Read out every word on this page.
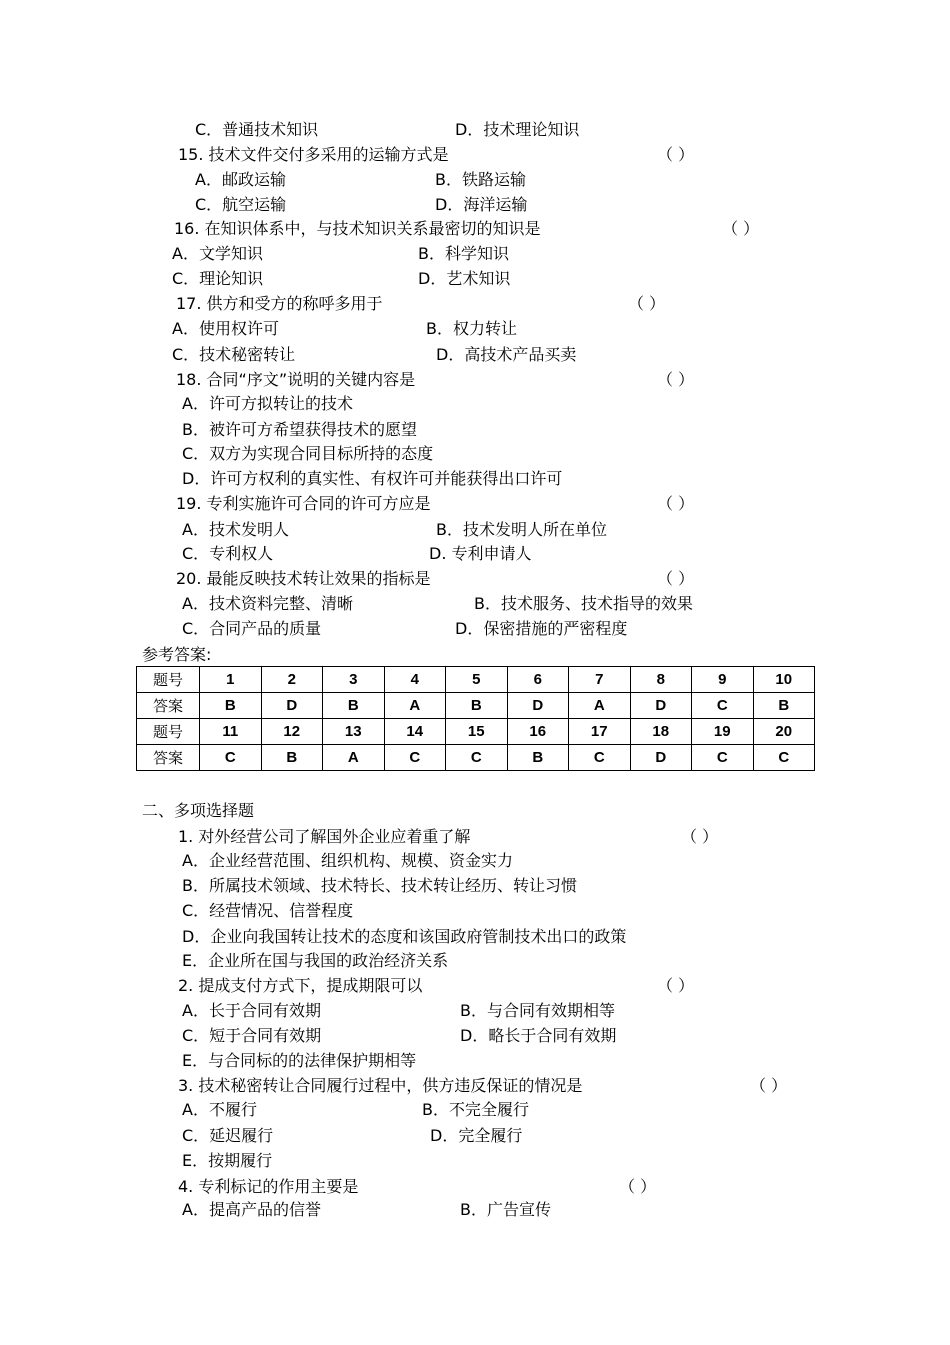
C．普通技术知识	D．技术理论知识
15. 技术文件交付多采用的运输方式是
A．邮政运输	B．铁路运输
C．航空运输	D．海洋运输
16. 在知识体系中，与技术知识关系最密切的知识是
A．文学知识	B．科学知识
C．理论知识	D．艺术知识
17. 供方和受方的称呼多用于
A．使用权许可	B．权力转让
C．技术秘密转让	D．高技术产品买卖
18. 合同“序文”说明的关键内容是
A．许可方拟转让的技术
B．被许可方希望获得技术的愿望
C．双方为实现合同目标所持的态度
D．许可方权利的真实性、有权许可并能获得出口许可
19. 专利实施许可合同的许可方应是
A．技术发明人	B．技术发明人所在单位
C．专利权人	D. 专利申请人
20. 最能反映技术转让效果的指标是
A．技术资料完整、清晰	B．技术服务、技术指导的效果
C．合同产品的质量	D．保密措施的严密程度
参考答案:
二、多项选择题
1. 对外经营公司了解国外企业应着重了解
A．企业经营范围、组织机构、规模、资金实力
B．所属技术领域、技术特长、技术转让经历、转让习惯
C．经营情况、信誉程度
D．企业向我国转让技术的态度和该国政府管制技术出口的政策
E．企业所在国与我国的政治经济关系
2. 提成支付方式下，提成期限可以
A．长于合同有效期	B．与合同有效期相等
C．短于合同有效期	D．略长于合同有效期
E．与合同标的的法律保护期相等
3. 技术秘密转让合同履行过程中，供方违反保证的情况是
A．不履行	B．不完全履行
C．延迟履行	D．完全履行
E．按期履行
4. 专利标记的作用主要是
A．提高产品的信誉	B．广告宣传
（ ）
（ ）
（ ）
（ ）
（ ）
（ ）
（ ）
（ ）
（ ）
（ ）
题号	1	2	3	4	5	6	7	8	9	10
答案	B	D	B	A	B	D	A	D	C	B
题号	11	12	13	14	15	16	17	18	19	20
答案	C	B	A	C	C	B	C	D	C	C
